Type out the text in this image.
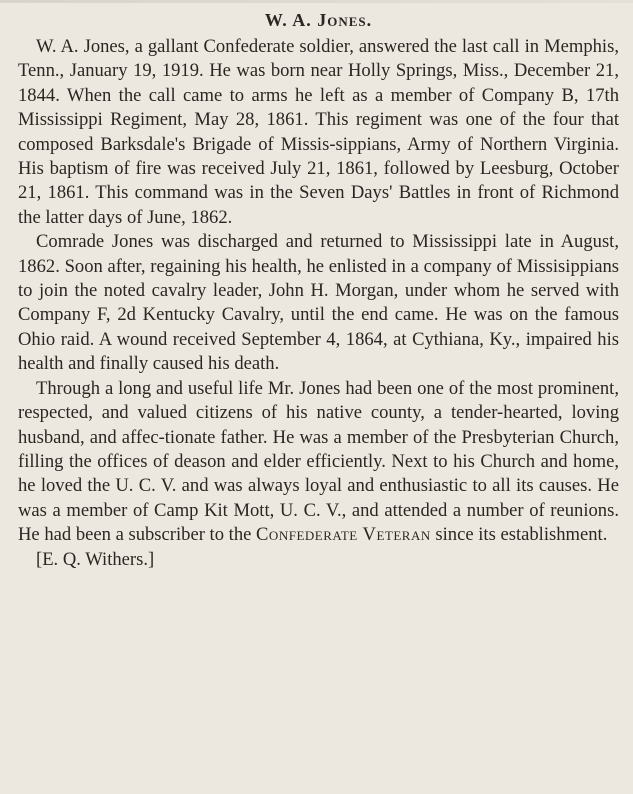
W. A. Jones.

W. A. Jones, a gallant Confederate soldier, answered the last call in Memphis, Tenn., January 19, 1919. He was born near Holly Springs, Miss., December 21, 1844. When the call came to arms he left as a member of Company B, 17th Mississippi Regiment, May 28, 1861. This regiment was one of the four that composed Barksdale's Brigade of Missis-sippians, Army of Northern Virginia. His baptism of fire was received July 21, 1861, followed by Leesburg, October 21, 1861. This command was in the Seven Days' Battles in front of Richmond the latter days of June, 1862.

Comrade Jones was discharged and returned to Mississippi late in August, 1862. Soon after, regaining his health, he enlisted in a company of Missisippians to join the noted cavalry leader, John H. Morgan, under whom he served with Company F, 2d Kentucky Cavalry, until the end came. He was on the famous Ohio raid. A wound received September 4, 1864, at Cythiana, Ky., impaired his health and finally caused his death.

Through a long and useful life Mr. Jones had been one of the most prominent, respected, and valued citizens of his native county, a tender-hearted, loving husband, and affec-tionate father. He was a member of the Presbyterian Church, filling the offices of deason and elder efficiently. Next to his Church and home, he loved the U. C. V. and was always loyal and enthusiastic to all its causes. He was a member of Camp Kit Mott, U. C. V., and attended a number of reunions. He had been a subscriber to the Confederate Veteran since its establishment.

[E. Q. Withers.]
